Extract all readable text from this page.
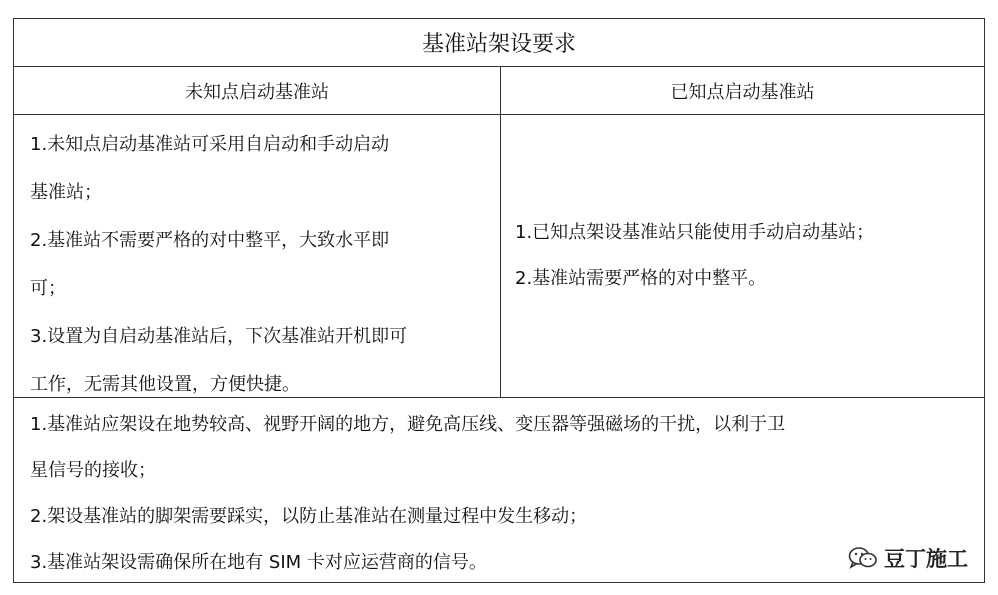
基准站架设要求
未知点启动基准站	已知点启动基准站
1.未知点启动基准站可采用自启动和手动启动
基准站；
2.基准站不需要严格的对中整平，大致水平即
可；
3.设置为自启动基准站后，下次基准站开机即可
工作，无需其他设置，方便快捷。
1.已知点架设基准站只能使用手动启动基站；
2.基准站需要严格的对中整平。
1.基准站应架设在地势较高、视野开阔的地方，避免高压线、变压器等强磁场的干扰，以利于卫
星信号的接收；
2.架设基准站的脚架需要踩实，以防止基准站在测量过程中发生移动；
3.基准站架设需确保所在地有 SIM 卡对应运营商的信号。	豆丁施工
